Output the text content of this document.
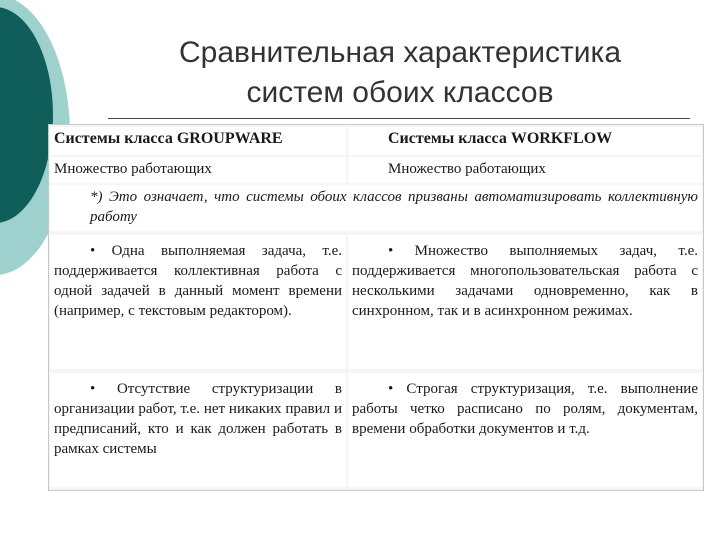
Сравнительная характеристика
систем обоих классов
Системы класса GROUPWARE	Системы класса WORKFLOW
Множество работающих	Множество работающих
*) Это означает, что системы обоих классов призваны автоматизировать коллективную работу
• Одна выполняемая задача, т.е. поддерживается коллективная работа с одной задачей в данный момент времени (например, с текстовым редактором).
• Множество выполняемых задач, т.е. поддерживается многопользовательская работа с несколькими задачами одновременно, как в синхронном, так и в асинхронном режимах.
• Отсутствие структуризации в организации работ, т.е. нет никаких правил и предписаний, кто и как должен работать в рамках системы
• Строгая структуризация, т.е. выполнение работы четко расписано по ролям, документам, времени обработки документов и т.д.
